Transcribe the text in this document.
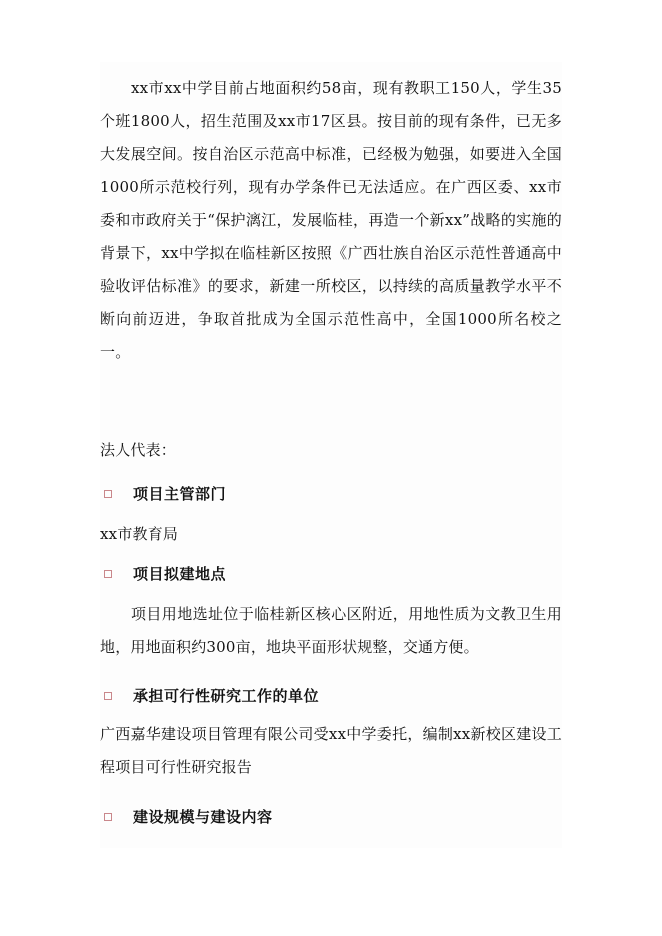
xx市xx中学目前占地面积约58亩，现有教职工150人，学生35个班1800人，招生范围及xx市17区县。按目前的现有条件，已无多大发展空间。按自治区示范高中标准，已经极为勉强，如要进入全国1000所示范校行列，现有办学条件已无法适应。在广西区委、xx市委和市政府关于“保护漓江，发展临桂，再造一个新xx”战略的实施的背景下，xx中学拟在临桂新区按照《广西壮族自治区示范性普通高中验收评估标准》的要求，新建一所校区，以持续的高质量教学水平不断向前迈进，争取首批成为全国示范性高中，全国1000所名校之一。

法人代表：

项目主管部门

xx市教育局

项目拟建地点

项目用地选址位于临桂新区核心区附近，用地性质为文教卫生用地，用地面积约300亩，地块平面形状规整，交通方便。

承担可行性研究工作的单位

广西嘉华建设项目管理有限公司受xx中学委托，编制xx新校区建设工程项目可行性研究报告

建设规模与建设内容
